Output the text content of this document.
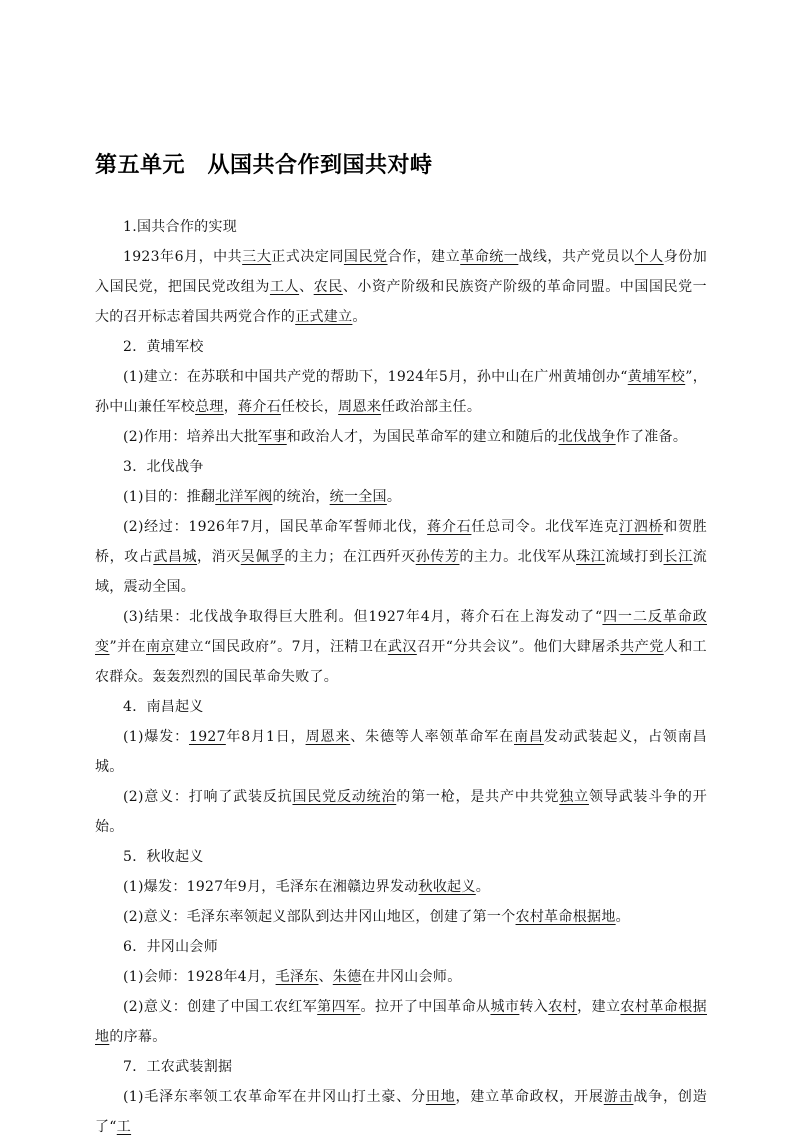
第五单元　从国共合作到国共对峙

1.国共合作的实现

1923年6月，中共三大正式决定同国民党合作，建立革命统一战线，共产党员以个人身份加入国民党，把国民党改组为工人、农民、小资产阶级和民族资产阶级的革命同盟。中国国民党一大的召开标志着国共两党合作的正式建立。

2．黄埔军校

(1)建立：在苏联和中国共产党的帮助下，1924年5月，孙中山在广州黄埔创办“黄埔军校”，孙中山兼任军校总理，蒋介石任校长，周恩来任政治部主任。

(2)作用：培养出大批军事和政治人才，为国民革命军的建立和随后的北伐战争作了准备。

3．北伐战争

(1)目的：推翻北洋军阀的统治，统一全国。

(2)经过：1926年7月，国民革命军誓师北伐，蒋介石任总司令。北伐军连克汀泗桥和贺胜桥，攻占武昌城，消灭吴佩孚的主力；在江西歼灭孙传芳的主力。北伐军从珠江流域打到长江流域，震动全国。

(3)结果：北伐战争取得巨大胜利。但1927年4月，蒋介石在上海发动了“四一二反革命政变”并在南京建立“国民政府”。7月，汪精卫在武汉召开“分共会议”。他们大肆屠杀共产党人和工农群众。轰轰烈烈的国民革命失败了。

4．南昌起义

(1)爆发：1927年8月1日，周恩来、朱德等人率领革命军在南昌发动武装起义，占领南昌城。

(2)意义：打响了武装反抗国民党反动统治的第一枪，是共产中共党独立领导武装斗争的开始。

5．秋收起义

(1)爆发：1927年9月，毛泽东在湘赣边界发动秋收起义。

(2)意义：毛泽东率领起义部队到达井冈山地区，创建了第一个农村革命根据地。

6．井冈山会师

(1)会师：1928年4月，毛泽东、朱德在井冈山会师。

(2)意义：创建了中国工农红军第四军。拉开了中国革命从城市转入农村，建立农村革命根据地的序幕。

7．工农武装割据

(1)毛泽东率领工农革命军在井冈山打土豪、分田地，建立革命政权，开展游击战争，创造了“工
